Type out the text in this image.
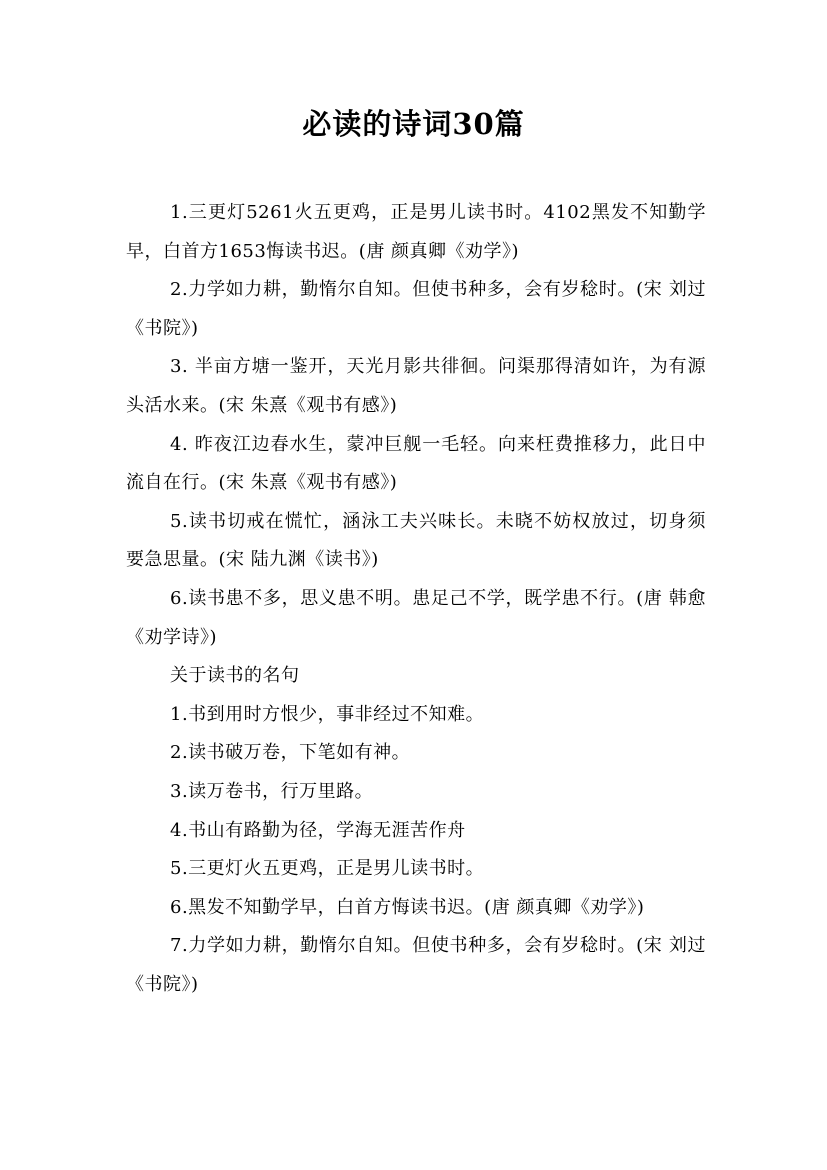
必读的诗词30篇

1.三更灯5261火五更鸡，正是男儿读书时。4102黑发不知勤学早，白首方1653悔读书迟。(唐 颜真卿《劝学》)

2.力学如力耕，勤惰尔自知。但使书种多，会有岁稔时。(宋 刘过《书院》)

3. 半亩方塘一鉴开，天光月影共徘徊。问渠那得清如许，为有源头活水来。(宋 朱熹《观书有感》)

4. 昨夜江边春水生，蒙冲巨舰一毛轻。向来枉费推移力，此日中流自在行。(宋 朱熹《观书有感》)

5.读书切戒在慌忙，涵泳工夫兴味长。未晓不妨权放过，切身须要急思量。(宋 陆九渊《读书》)

6.读书患不多，思义患不明。患足己不学，既学患不行。(唐 韩愈《劝学诗》)

关于读书的名句

1.书到用时方恨少，事非经过不知难。

2.读书破万卷，下笔如有神。

3.读万卷书，行万里路。

4.书山有路勤为径，学海无涯苦作舟

5.三更灯火五更鸡，正是男儿读书时。

6.黑发不知勤学早，白首方悔读书迟。(唐 颜真卿《劝学》)

7.力学如力耕，勤惰尔自知。但使书种多，会有岁稔时。(宋 刘过《书院》)
